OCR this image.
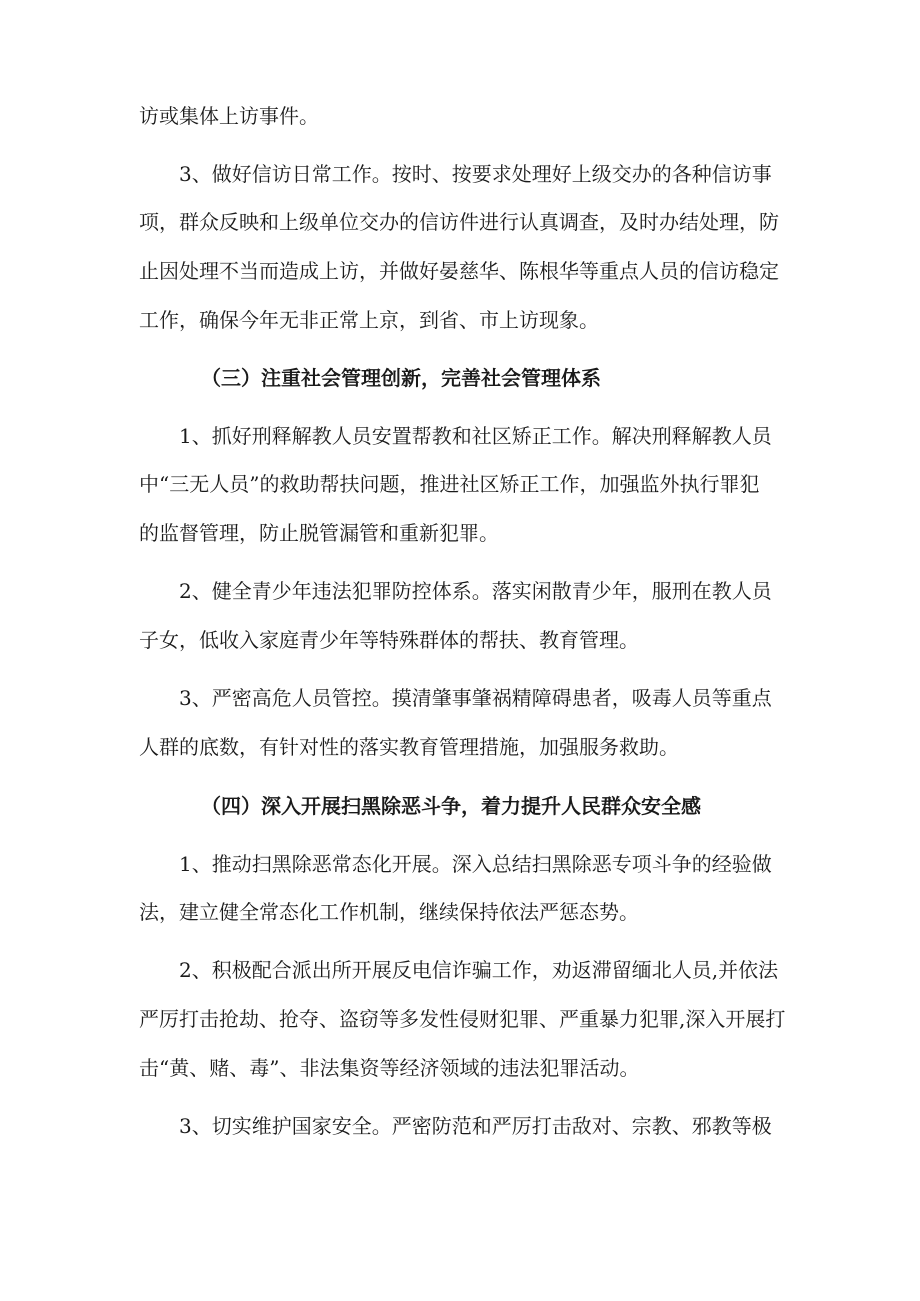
访或集体上访事件。
3、做好信访日常工作。按时、按要求处理好上级交办的各种信访事
项，群众反映和上级单位交办的信访件进行认真调查，及时办结处理，防
止因处理不当而造成上访，并做好晏慈华、陈根华等重点人员的信访稳定
工作，确保今年无非正常上京，到省、市上访现象。
（三）注重社会管理创新，完善社会管理体系
1、抓好刑释解教人员安置帮教和社区矫正工作。解决刑释解教人员
中“三无人员”的救助帮扶问题，推进社区矫正工作，加强监外执行罪犯
的监督管理，防止脱管漏管和重新犯罪。
2、健全青少年违法犯罪防控体系。落实闲散青少年，服刑在教人员
子女，低收入家庭青少年等特殊群体的帮扶、教育管理。
3、严密高危人员管控。摸清肇事肇祸精障碍患者，吸毒人员等重点
人群的底数，有针对性的落实教育管理措施，加强服务救助。
（四）深入开展扫黑除恶斗争，着力提升人民群众安全感
1、推动扫黑除恶常态化开展。深入总结扫黑除恶专项斗争的经验做
法，建立健全常态化工作机制，继续保持依法严惩态势。
2、积极配合派出所开展反电信诈骗工作，劝返滞留缅北人员,并依法
严厉打击抢劫、抢夺、盗窃等多发性侵财犯罪、严重暴力犯罪,深入开展打
击“黄、赌、毒”、非法集资等经济领域的违法犯罪活动。
3、切实维护国家安全。严密防范和严厉打击敌对、宗教、邪教等极
